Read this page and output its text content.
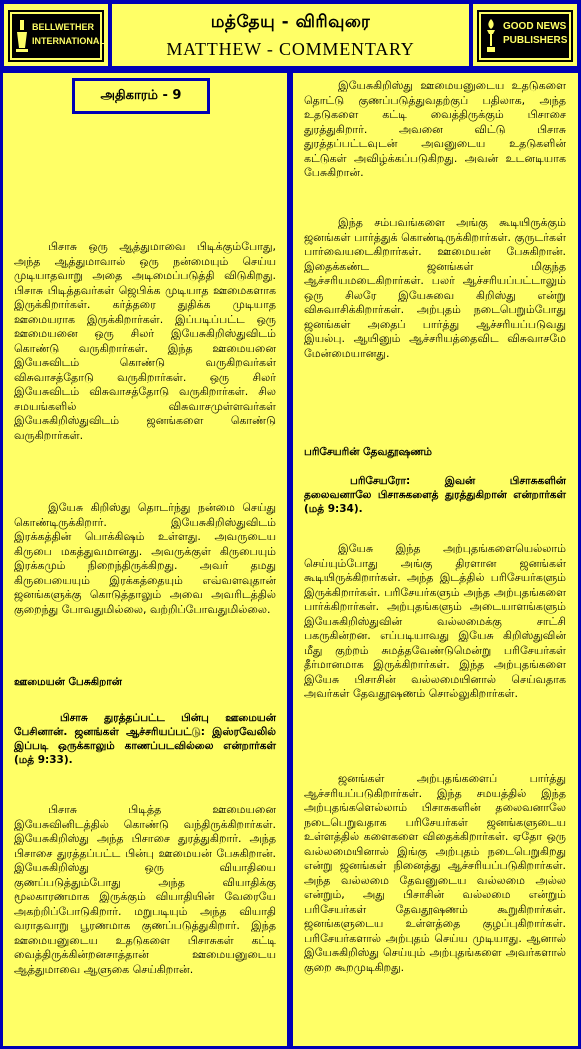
BELLWETHER INTERNATIONAL
மத்தேயு - விரிவுரை
MATTHEW - COMMENTARY
GOOD NEWS PUBLISHERS
அதிகாரம் - 9

பிசாசு ஒரு ஆத்துமாவை பிடிக்கும்போது, அந்த ஆத்துமாவால் ஒரு நன்மையும் செய்ய முடியாதவாறு அதை அடிமைப்படுத்தி விடுகிறது. பிசாசு பிடித்தவர்கள் ஜெபிக்க முடியாத ஊமைகளாக இருக்கிறார்கள். கர்த்தரை துதிக்க முடியாத ஊமையராக இருக்கிறார்கள். இப்படிப்பட்ட ஒரு ஊமையனை ஒரு சிலர் இயேசுகிறிஸ்துவிடம் கொண்டு வருகிறார்கள். இந்த ஊமையனை இயேசுவிடம் கொண்டு வருகிறவர்கள் விசுவாசத்தோடு வருகிறார்கள். ஒரு சிலர் இயேசுவிடம் விசுவாசத்தோடு வருகிறார்கள். சில சமயங்களில் விசுவாசமுள்ளவர்கள் இயேசுகிறிஸ்துவிடம் ஜனங்களை கொண்டு வருகிறார்கள்.

இயேசு கிறிஸ்து தொடர்ந்து நன்மை செய்து கொண்டிருக்கிறார். இயேசுகிறிஸ்துவிடம் இரக்கத்தின் பொக்கிஷம் உள்ளது. அவருடைய கிருபை மகத்துவமானது. அவருக்குள் கிருபையும் இரக்கமும் நிறைந்திருக்கிறது. அவர் தமது கிருபையையும் இரக்கத்தையும் எவ்வளவுதான் ஜனங்களுக்கு கொடுத்தாலும் அவை அவரிடத்தில் குறைந்து போவதுமில்லை, வற்றிப்போவதுமில்லை.

ஊமையன் பேசுகிறான்

பிசாசு துரத்தப்பட்ட பின்பு ஊமையன் பேசினான். ஜனங்கள் ஆச்சரியப்பட்டு: இஸ்ரவேலில் இப்படி ஒருக்காலும் காணப்படவில்லை என்றார்கள் (மத் 9:33).

பிசாசு பிடித்த ஊமையனை இயேசுவினிடத்தில் கொண்டு வந்திருக்கிறார்கள். இயேசுகிறிஸ்து அந்த பிசாசை துரத்துகிறார். அந்த பிசாசை துரத்தப்பட்ட பின்பு ஊமையன் பேசுகிறான். இயேசுகிறிஸ்து ஒரு வியாதியை குணப்படுத்தும்போது அந்த வியாதிக்கு மூலகாரணமாக இருக்கும் வியாதியின் வேரையே அகற்றிப்போடுகிறார். மறுபடியும் அந்த வியாதி வராதவாறு பூரணமாக குணப்படுத்துகிறார். இந்த ஊமையனுடைய உதடுகளை பிசாசுகள் கட்டி வைத்திருக்கின்றனசாத்தான் ஊமையனுடைய ஆத்துமாவை ஆளுகை செய்கிறான்.

இயேசுகிறிஸ்து ஊமையனுடைய உதடுகளை தொட்டு குணப்படுத்துவதற்குப் பதிலாக, அந்த உதடுகளை கட்டி வைத்திருக்கும் பிசாசை துரத்துகிறார். அவனை விட்டு பிசாசு துரத்தப்பட்டவுடன் அவனுடைய உதடுகளின் கட்டுகள் அவிழ்க்கப்படுகிறது. அவன் உடனடியாக பேசுகிறான்.

இந்த சம்பவங்களை அங்கு கூடியிருக்கும் ஜனங்கள் பார்த்துக் கொண்டிருக்கிறார்கள். குருடர்கள் பார்வையடைகிறார்கள். ஊமையன் பேசுகிறான். இதைக்கண்ட ஜனங்கள் மிகுந்த ஆச்சரியமடைகிறார்கள். பலர் ஆச்சரியப்பட்டாலும் ஒரு சிலரே இயேசுவை கிறிஸ்து என்று விசுவாசிக்கிறார்கள். அற்புதம் நடைபெறும்போது ஜனங்கள் அதைப் பார்த்து ஆச்சரியப்படுவது இயல்பு. ஆயினும் ஆச்சரியத்தைவிட விசுவாசமே மேன்மையானது.

பரிசேயரின் தேவதூஷணம்

பரிசேயரோ: இவன் பிசாசுகளின் தலைவனாலே பிசாசுகளைத் துரத்துகிறான் என்றார்கள் (மத் 9:34).

இயேசு இந்த அற்புதங்களையெல்லாம் செய்யும்போது அங்கு திரளான ஜனங்கள் கூடியிருக்கிறார்கள். அந்த இடத்தில் பரிசேயர்களும் இருக்கிறார்கள். பரிசேயர்களும் அந்த அற்புதங்களை பார்க்கிறார்கள். அற்புதங்களும் அடையாளங்களும் இயேசுகிறிஸ்துவின் வல்லமைக்கு சாட்சி பகருகின்றன. எப்படியாவது இயேசு கிறிஸ்துவின் மீது குற்றம் சுமத்தவேண்டுமென்று பரிசேயர்கள் தீர்மானமாக இருக்கிறார்கள். இந்த அற்புதங்களை இயேசு பிசாசின் வல்லமையினால் செய்வதாக அவர்கள் தேவதூஷணம் சொல்லுகிறார்கள்.

ஜனங்கள் அற்புதங்களைப் பார்த்து ஆச்சரியப்படுகிறார்கள். இந்த சமயத்தில் இந்த அற்புதங்களெல்லாம் பிசாசுகளின் தலைவனாலே நடைபெறுவதாக பரிசேயர்கள் ஜனங்களுடைய உள்ளத்தில் களைகளை விதைக்கிறார்கள். ஏதோ ஒரு வல்லமையினால் இங்கு அற்புதம் நடைபெறுகிறது என்று ஜனங்கள் நினைத்து ஆச்சரியப்படுகிறார்கள். அந்த வல்லமை தேவனுடைய வல்லமை அல்ல என்றும், அது பிசாசின் வல்லமை என்றும் பரிசேயர்கள் தேவதூஷணம் கூறுகிறார்கள். ஜனங்களுடைய உள்ளத்தை குழப்புகிறார்கள். பரிசேயர்களால் அற்புதம் செய்ய முடியாது. ஆனால் இயேசுகிறிஸ்து செய்யும் அற்புதங்களை அவர்களால் குறை கூறமுடிகிறது.
